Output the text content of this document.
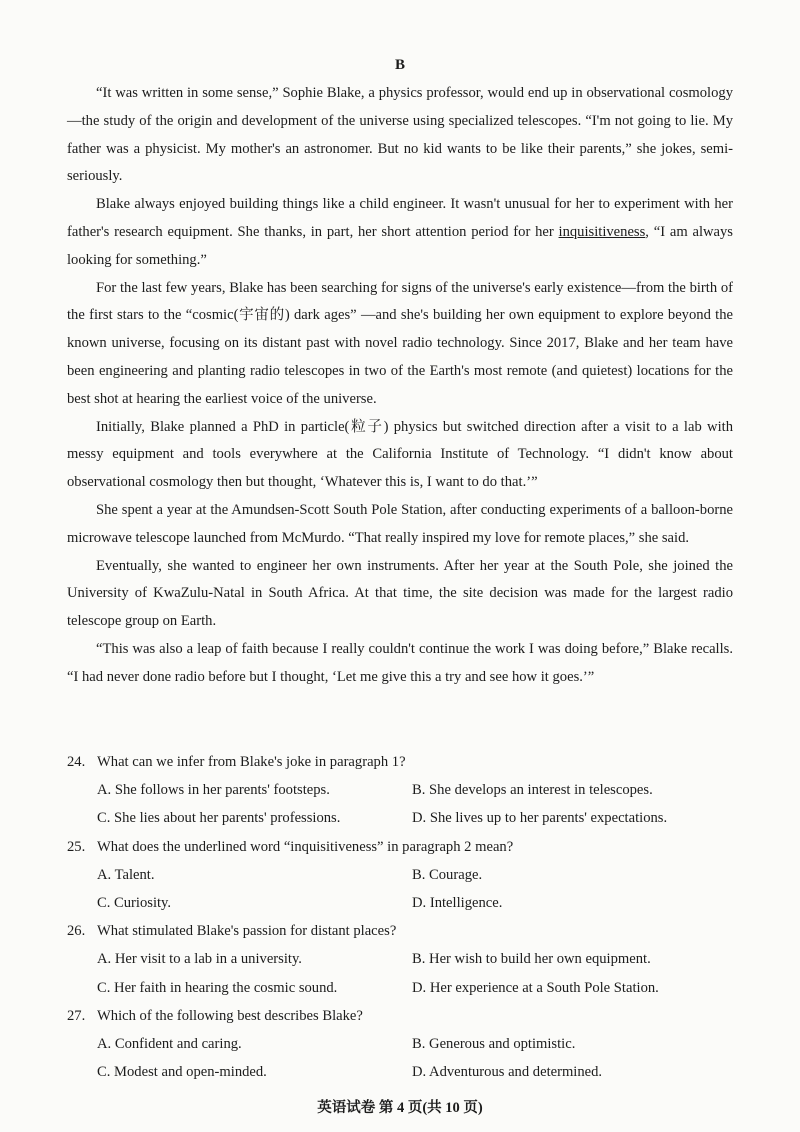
B

“It was written in some sense,” Sophie Blake, a physics professor, would end up in observational cosmology—the study of the origin and development of the universe using specialized telescopes. “I'm not going to lie. My father was a physicist. My mother's an astronomer. But no kid wants to be like their parents,” she jokes, semi-seriously.

Blake always enjoyed building things like a child engineer. It wasn't unusual for her to experiment with her father's research equipment. She thanks, in part, her short attention period for her inquisitiveness, “I am always looking for something.”

For the last few years, Blake has been searching for signs of the universe's early existence—from the birth of the first stars to the “cosmic(宇宙的) dark ages” —and she's building her own equipment to explore beyond the known universe, focusing on its distant past with novel radio technology. Since 2017, Blake and her team have been engineering and planting radio telescopes in two of the Earth's most remote (and quietest) locations for the best shot at hearing the earliest voice of the universe.

Initially, Blake planned a PhD in particle(粒子) physics but switched direction after a visit to a lab with messy equipment and tools everywhere at the California Institute of Technology. “I didn't know about observational cosmology then but thought, ‘Whatever this is, I want to do that.’”

She spent a year at the Amundsen-Scott South Pole Station, after conducting experiments of a balloon-borne microwave telescope launched from McMurdo. “That really inspired my love for remote places,” she said.

Eventually, she wanted to engineer her own instruments. After her year at the South Pole, she joined the University of KwaZulu-Natal in South Africa. At that time, the site decision was made for the largest radio telescope group on Earth.

“This was also a leap of faith because I really couldn't continue the work I was doing before,” Blake recalls. “I had never done radio before but I thought, ‘Let me give this a try and see how it goes.’”

24. What can we infer from Blake's joke in paragraph 1?
A. She follows in her parents' footsteps.	B. She develops an interest in telescopes.
C. She lies about her parents' professions.	D. She lives up to her parents' expectations.
25. What does the underlined word “inquisitiveness” in paragraph 2 mean?
A. Talent.	B. Courage.
C. Curiosity.	D. Intelligence.
26. What stimulated Blake's passion for distant places?
A. Her visit to a lab in a university.	B. Her wish to build her own equipment.
C. Her faith in hearing the cosmic sound.	D. Her experience at a South Pole Station.
27. Which of the following best describes Blake?
A. Confident and caring.	B. Generous and optimistic.
C. Modest and open-minded.	D. Adventurous and determined.
英语试卷 第 4 页(共 10 页)
